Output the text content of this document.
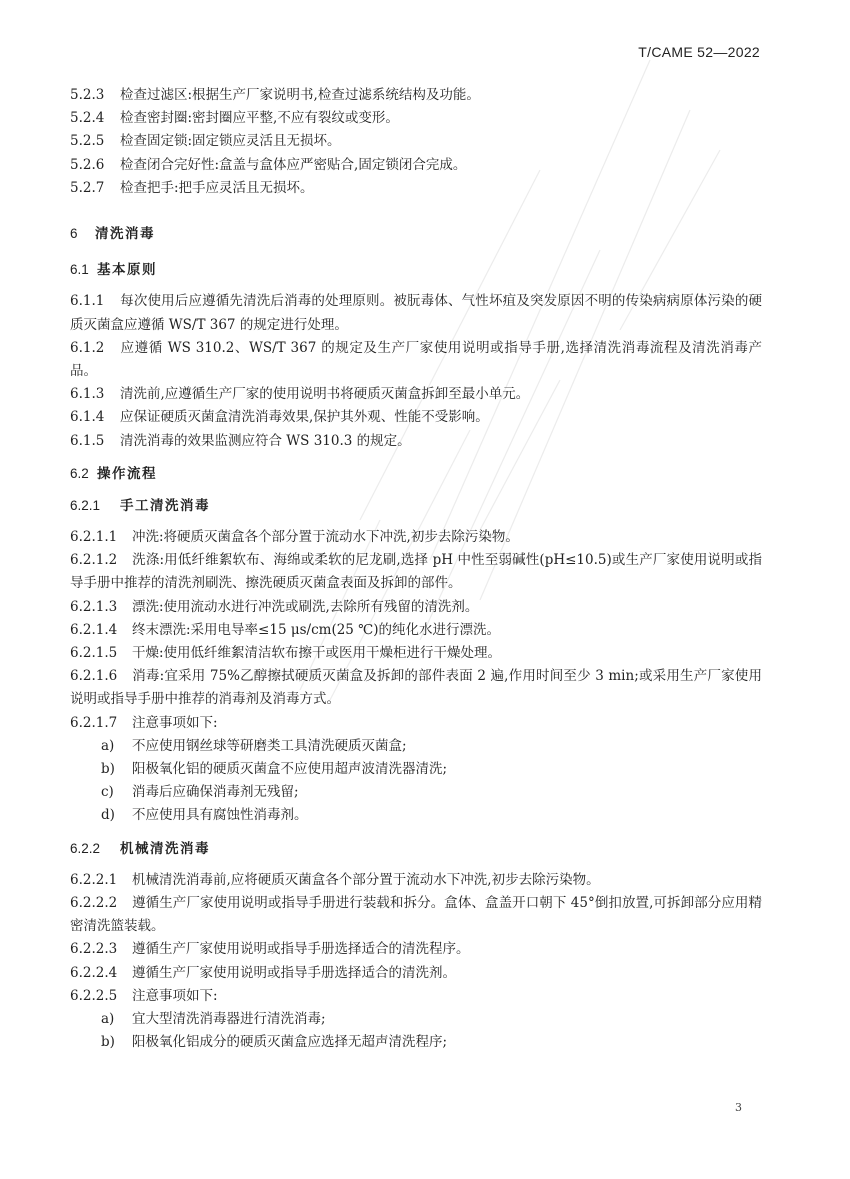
T/CAME 52—2022
5.2.3 检查过滤区:根据生产厂家说明书,检查过滤系统结构及功能。
5.2.4 检查密封圈:密封圈应平整,不应有裂纹或变形。
5.2.5 检查固定锁:固定锁应灵活且无损坏。
5.2.6 检查闭合完好性:盒盖与盒体应严密贴合,固定锁闭合完成。
5.2.7 检查把手:把手应灵活且无损坏。
6 清洗消毒
6.1 基本原则
6.1.1 每次使用后应遵循先清洗后消毒的处理原则。被朊毒体、气性坏疽及突发原因不明的传染病病原体污染的硬质灭菌盒应遵循 WS/T 367 的规定进行处理。
6.1.2 应遵循 WS 310.2、WS/T 367 的规定及生产厂家使用说明或指导手册,选择清洗消毒流程及清洗消毒产品。
6.1.3 清洗前,应遵循生产厂家的使用说明书将硬质灭菌盒拆卸至最小单元。
6.1.4 应保证硬质灭菌盒清洗消毒效果,保护其外观、性能不受影响。
6.1.5 清洗消毒的效果监测应符合 WS 310.3 的规定。
6.2 操作流程
6.2.1 手工清洗消毒
6.2.1.1 冲洗:将硬质灭菌盒各个部分置于流动水下冲洗,初步去除污染物。
6.2.1.2 洗涤:用低纤维絮软布、海绵或柔软的尼龙刷,选择 pH 中性至弱碱性(pH≤10.5)或生产厂家使用说明或指导手册中推荐的清洗剂刷洗、擦洗硬质灭菌盒表面及拆卸的部件。
6.2.1.3 漂洗:使用流动水进行冲洗或刷洗,去除所有残留的清洗剂。
6.2.1.4 终末漂洗:采用电导率≤15 μs/cm(25 ℃)的纯化水进行漂洗。
6.2.1.5 干燥:使用低纤维絮清洁软布擦干或医用干燥柜进行干燥处理。
6.2.1.6 消毒:宜采用 75%乙醇擦拭硬质灭菌盒及拆卸的部件表面 2 遍,作用时间至少 3 min;或采用生产厂家使用说明或指导手册中推荐的消毒剂及消毒方式。
6.2.1.7 注意事项如下:
a) 不应使用钢丝球等研磨类工具清洗硬质灭菌盒;
b) 阳极氧化铝的硬质灭菌盒不应使用超声波清洗器清洗;
c) 消毒后应确保消毒剂无残留;
d) 不应使用具有腐蚀性消毒剂。
6.2.2 机械清洗消毒
6.2.2.1 机械清洗消毒前,应将硬质灭菌盒各个部分置于流动水下冲洗,初步去除污染物。
6.2.2.2 遵循生产厂家使用说明或指导手册进行装载和拆分。盒体、盒盖开口朝下 45°倒扣放置,可拆卸部分应用精密清洗篮装载。
6.2.2.3 遵循生产厂家使用说明或指导手册选择适合的清洗程序。
6.2.2.4 遵循生产厂家使用说明或指导手册选择适合的清洗剂。
6.2.2.5 注意事项如下:
a) 宜大型清洗消毒器进行清洗消毒;
b) 阳极氧化铝成分的硬质灭菌盒应选择无超声清洗程序;
3
